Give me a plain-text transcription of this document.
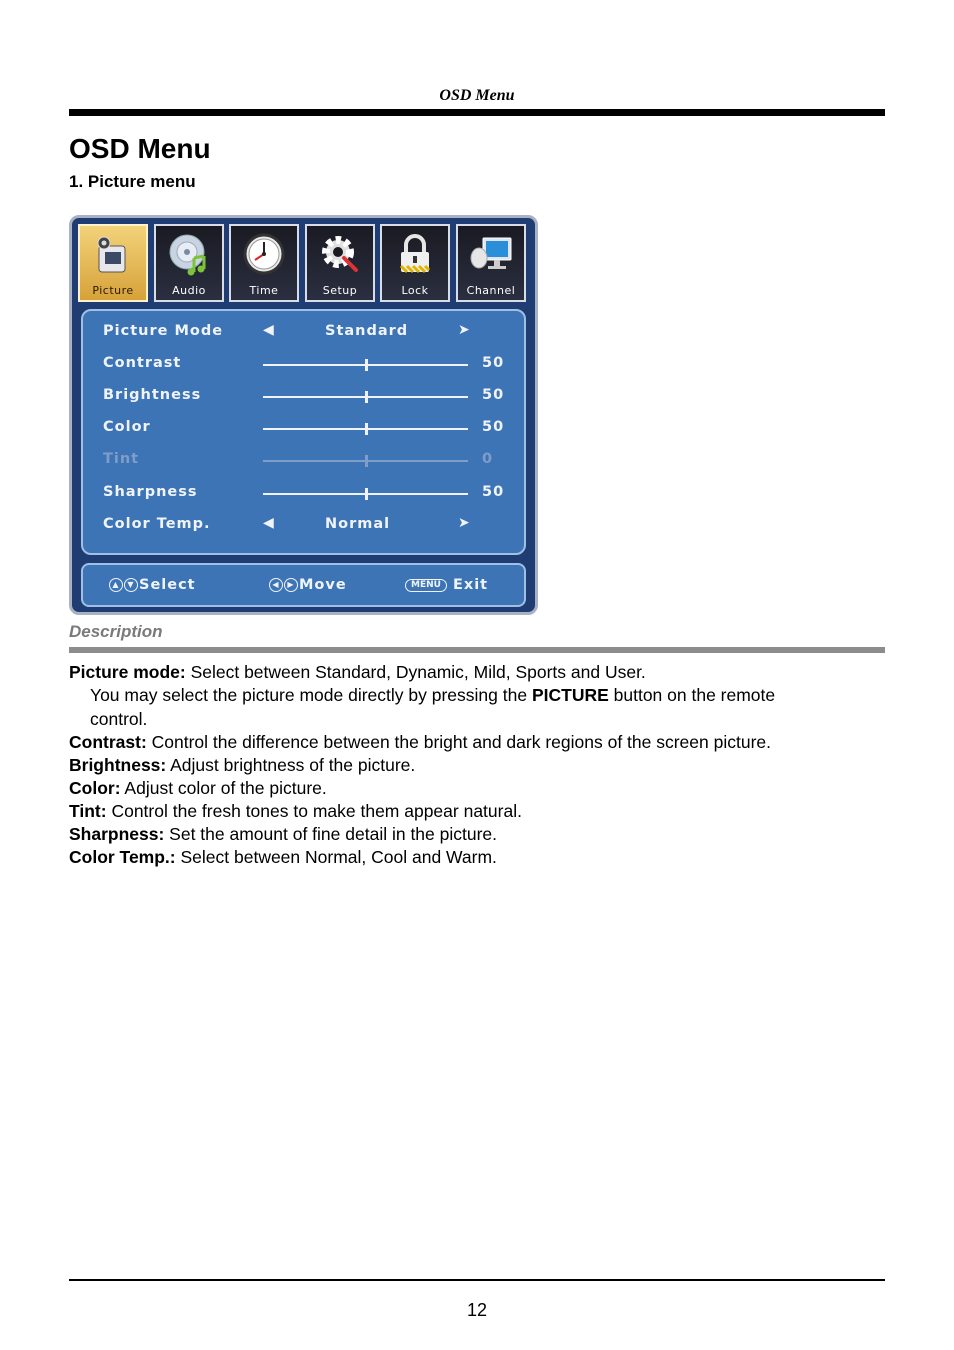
OSD Menu
OSD Menu
1. Picture menu
Picture	Audio	Time	Setup	Lock	Channel
Picture Mode	◀	Standard	➤
Contrast	50
Brightness	50
Color	50
Tint	0
Sharpness	50
Color Temp.	◀	Normal	➤
▲ ▼ Select	◀ ▶ Move	MENU Exit
Description
Picture mode: Select between Standard, Dynamic, Mild, Sports and User.
You may select the picture mode directly by pressing the PICTURE button on the remote
control.
Contrast: Control the difference between the bright and dark regions of the screen picture.
Brightness: Adjust brightness of the picture.
Color: Adjust color of the picture.
Tint: Control the fresh tones to make them appear natural.
Sharpness: Set the amount of fine detail in the picture.
Color Temp.: Select between Normal, Cool and Warm.
12
